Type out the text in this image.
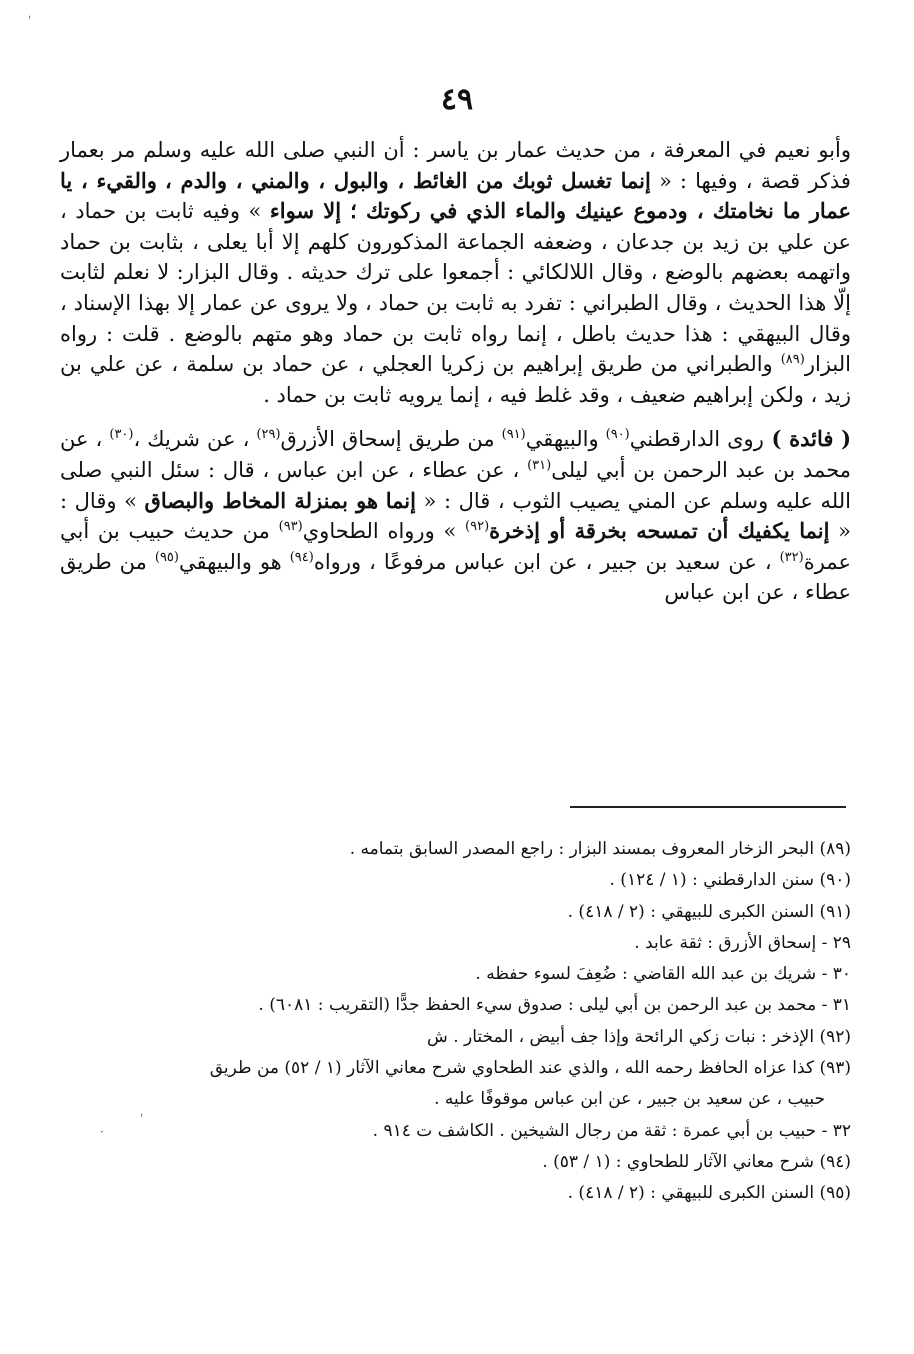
٤٩

وأبو نعيم في المعرفة ، من حديث عمار بن ياسر : أن النبي صلى الله عليه وسلم مر بعمار فذكر قصة ، وفيها : « إنما تغسل ثوبك من الغائط ، والبول ، والمني ، والدم ، والقيء ، يا عمار ما نخامتك ، ودموع عينيك والماء الذي في ركوتك ؛ إلا سواء » وفيه ثابت بن حماد ، عن علي بن زيد بن جدعان ، وضعفه الجماعة المذكورون كلهم إلا أبا يعلى ، بثابت بن حماد واتهمه بعضهم بالوضع ، وقال اللالكائي : أجمعوا على ترك حديثه . وقال البزار: لا نعلم لثابت إلّا هذا الحديث ، وقال الطبراني : تفرد به ثابت بن حماد ، ولا يروى عن عمار إلا بهذا الإسناد ، وقال البيهقي : هذا حديث باطل ، إنما رواه ثابت بن حماد وهو متهم بالوضع . قلت : رواه البزار$^{(٨٩)}$ والطبراني من طريق إبراهيم بن زكريا العجلي ، عن حماد بن سلمة ، عن علي بن زيد ، ولكن إبراهيم ضعيف ، وقد غلط فيه ، إنما يرويه ثابت بن حماد .

( فائدة ) روى الدارقطني$^{(٩٠)}$ والبيهقي$^{(٩١)}$ من طريق إسحاق الأزرق$^{(٢٩)}$ ، عن شريك ،$^{(٣٠)}$ ، عن محمد بن عبد الرحمن بن أبي ليلى$^{(٣١)}$ ، عن عطاء ، عن ابن عباس ، قال : سئل النبي صلى الله عليه وسلم عن المني يصيب الثوب ، قال : « إنما هو بمنزلة المخاط والبصاق » وقال : « إنما يكفيك أن تمسحه بخرقة أو إذخرة$^{(٩٢)}$ » ورواه الطحاوي$^{(٩٣)}$ من حديث حبيب بن أبي عمرة$^{(٣٢)}$ ، عن سعيد بن جبير ، عن ابن عباس مرفوعًا ، ورواه$^{(٩٤)}$ هو والبيهقي$^{(٩٥)}$ من طريق عطاء ، عن ابن عباس

(٨٩) البحر الزخار المعروف بمسند البزار : راجع المصدر السابق بتمامه .
(٩٠) سنن الدارقطني : (١ / ١٢٤) .
(٩١) السنن الكبرى للبيهقي : (٢ / ٤١٨) .
٢٩ - إسحاق الأزرق : ثقة عابد .
٣٠ - شريك بن عبد الله القاضي : ضُعِفَ لسوء حفظه .
٣١ - محمد بن عبد الرحمن بن أبي ليلى : صدوق سيء الحفظ جدًّا (التقريب : ٦٠٨١) .
(٩٢) الإذخر : نبات زكي الرائحة وإذا جف أبيض ، المختار . ش
(٩٣) كذا عزاه الحافظ رحمه الله ، والذي عند الطحاوي شرح معاني الآثار (١ / ٥٢) من طريق
حبيب ، عن سعيد بن جبير ، عن ابن عباس موقوفًا عليه .
٣٢ - حبيب بن أبي عمرة : ثقة من رجال الشيخين . الكاشف ت ٩١٤ .
(٩٤) شرح معاني الآثار للطحاوي : (١ / ٥٣) .
(٩٥) السنن الكبرى للبيهقي : (٢ / ٤١٨) .
ˈ
ˈ
·
